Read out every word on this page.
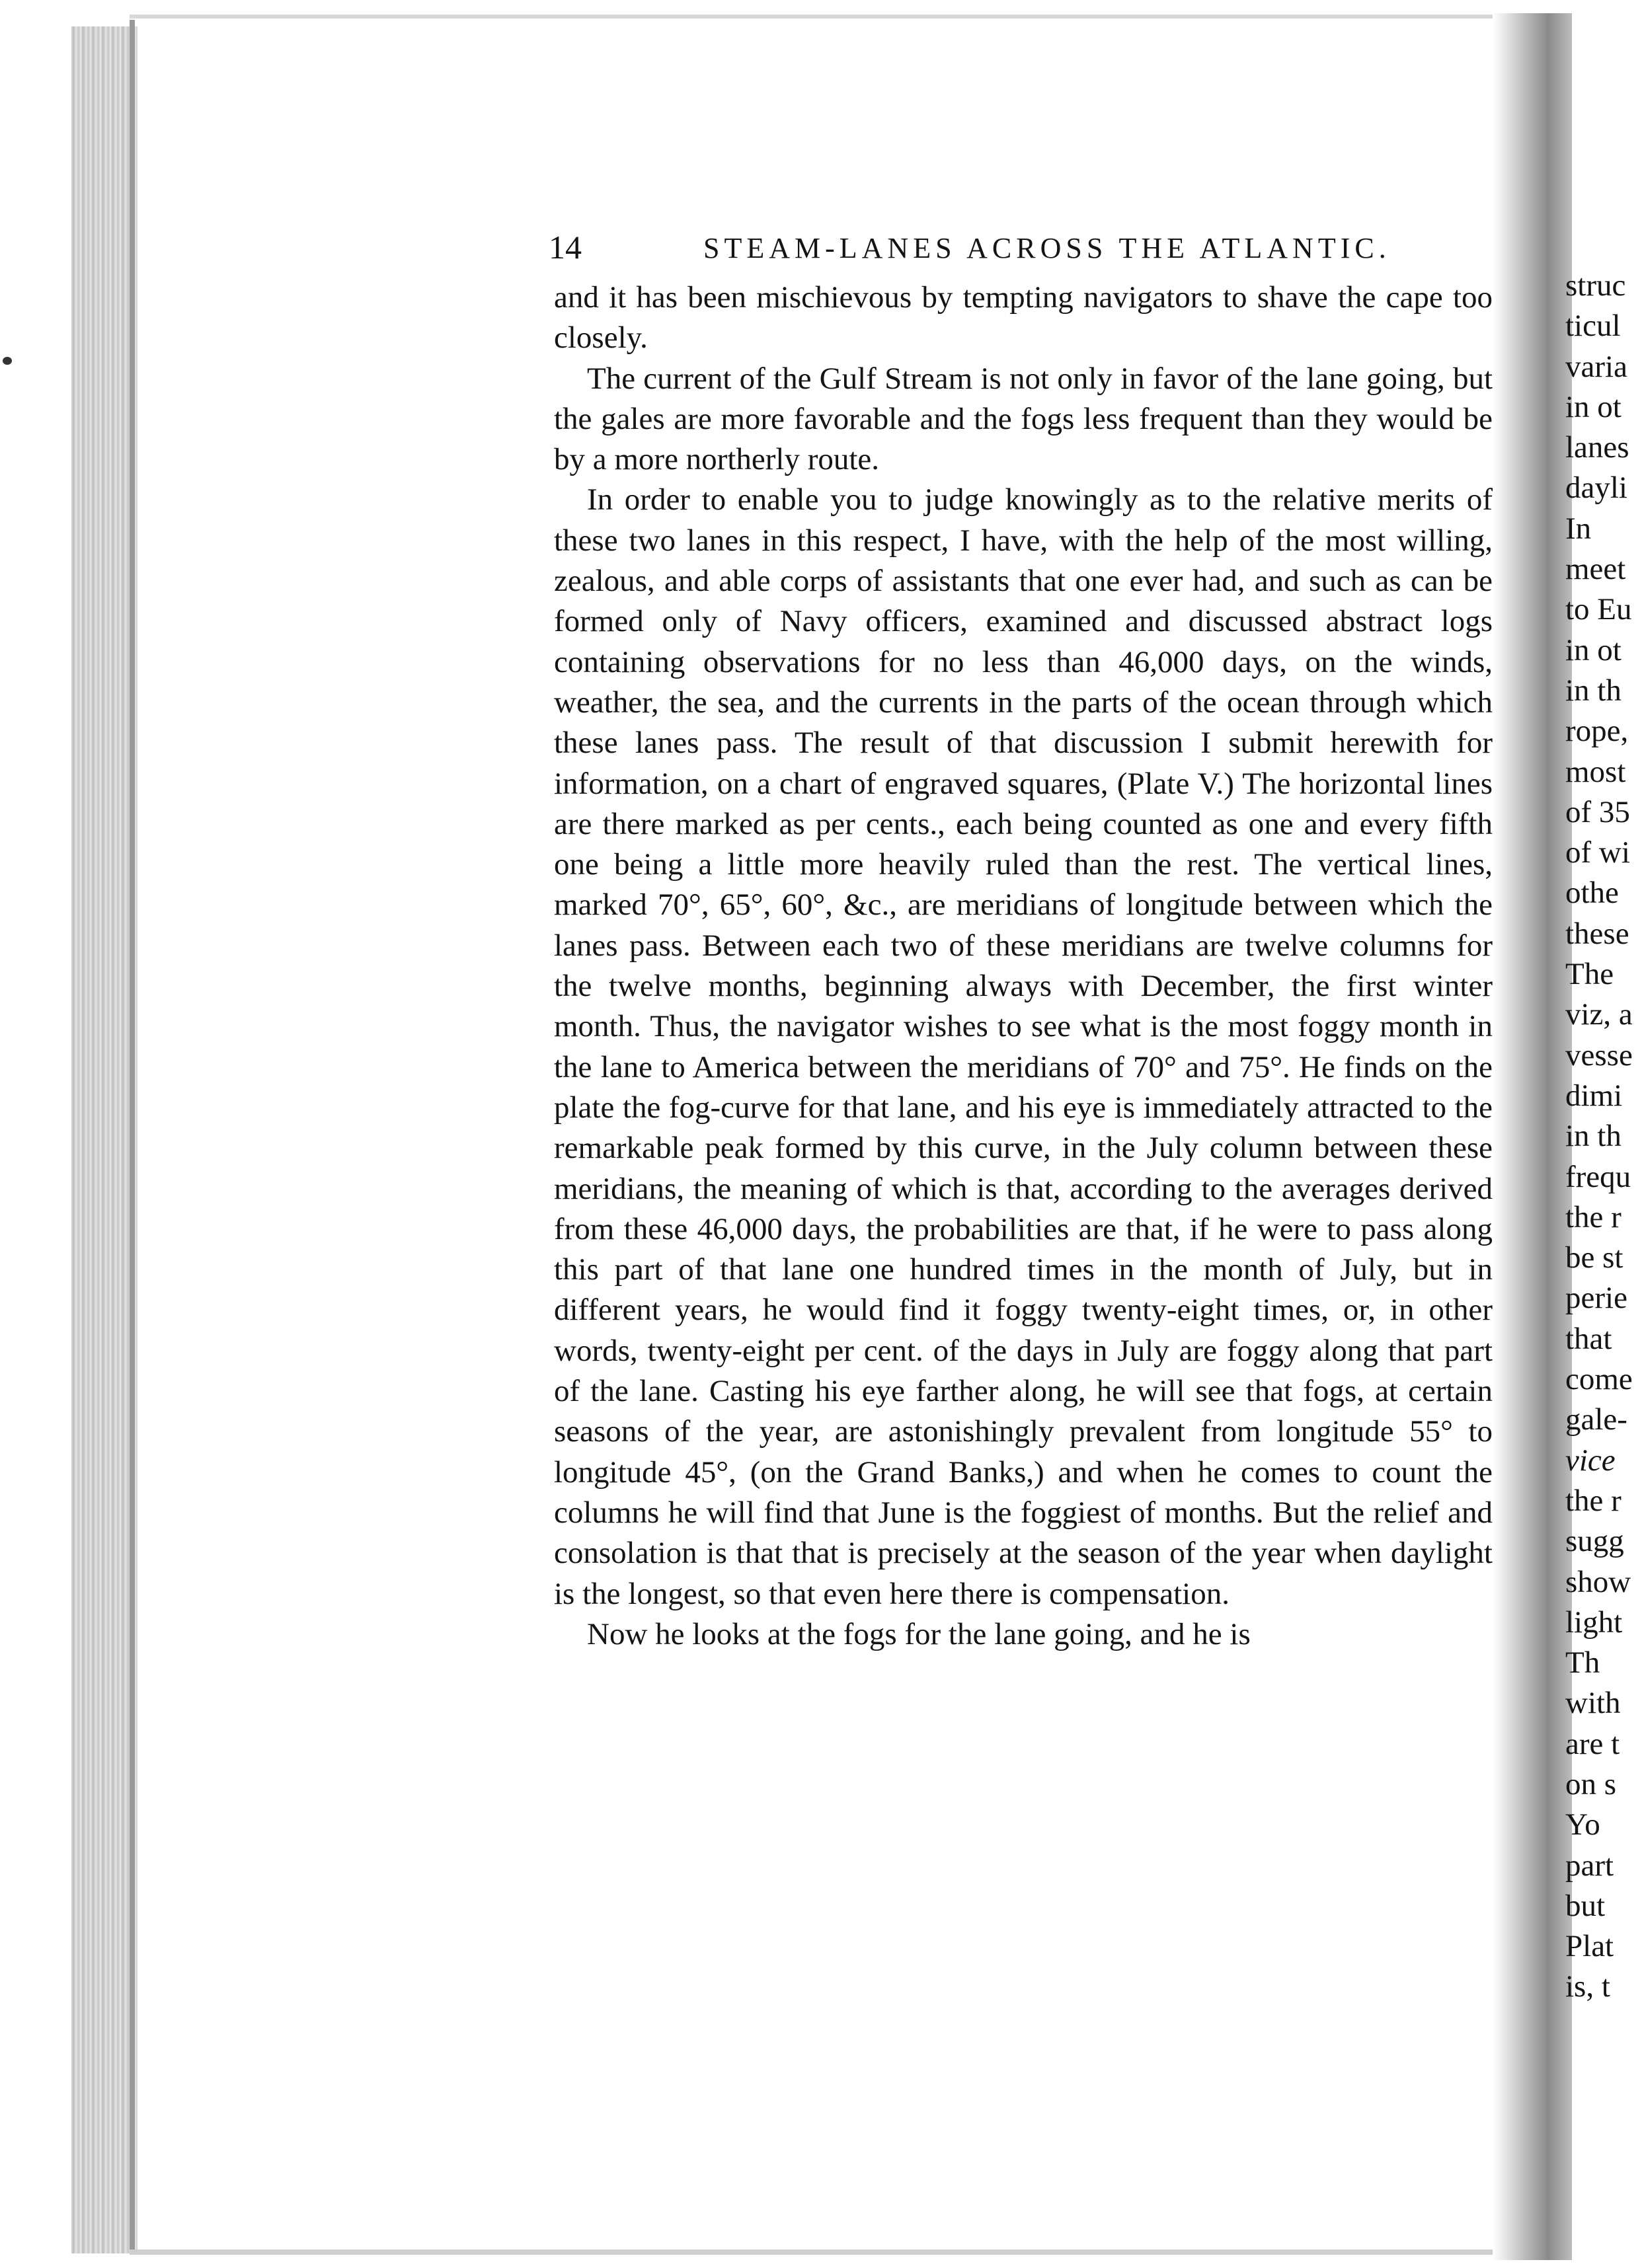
14	STEAM-LANES ACROSS THE ATLANTIC.

and it has been mischievous by tempting navigators to shave the cape too closely.

The current of the Gulf Stream is not only in favor of the lane going, but the gales are more favorable and the fogs less frequent than they would be by a more northerly route.

In order to enable you to judge knowingly as to the relative merits of these two lanes in this respect, I have, with the help of the most willing, zealous, and able corps of assistants that one ever had, and such as can be formed only of Navy officers, examined and discussed abstract logs containing observations for no less than 46,000 days, on the winds, weather, the sea, and the currents in the parts of the ocean through which these lanes pass. The result of that discussion I submit herewith for information, on a chart of engraved squares, (Plate V.) The horizontal lines are there marked as per cents., each being counted as one and every fifth one being a little more heavily ruled than the rest. The vertical lines, marked 70°, 65°, 60°, &c., are meridians of longitude between which the lanes pass. Between each two of these meridians are twelve columns for the twelve months, beginning always with December, the first winter month. Thus, the navigator wishes to see what is the most foggy month in the lane to America between the meridians of 70° and 75°. He finds on the plate the fog-curve for that lane, and his eye is immediately attracted to the remarkable peak formed by this curve, in the July column between these meridians, the meaning of which is that, according to the averages derived from these 46,000 days, the probabilities are that, if he were to pass along this part of that lane one hundred times in the month of July, but in different years, he would find it foggy twenty-eight times, or, in other words, twenty-eight per cent. of the days in July are foggy along that part of the lane. Casting his eye farther along, he will see that fogs, at certain seasons of the year, are astonishingly prevalent from longitude 55° to longitude 45°, (on the Grand Banks,) and when he comes to count the columns he will find that June is the foggiest of months. But the relief and consolation is that that is precisely at the season of the year when daylight is the longest, so that even here there is compensation.

Now he looks at the fogs for the lane going, and he is

struc
ticul
varia
in ot
lanes
dayli
In
meet
to Eu
in ot
in th
rope,
most
of 35
of wi
othe
these
The
viz, a
vesse
dimi
in th
frequ
the r
be st
perie
that
come
gale-
vice
the r
sugg
show
light
Th
with
are t
on s
Yo
part
but
Plat
is, t
